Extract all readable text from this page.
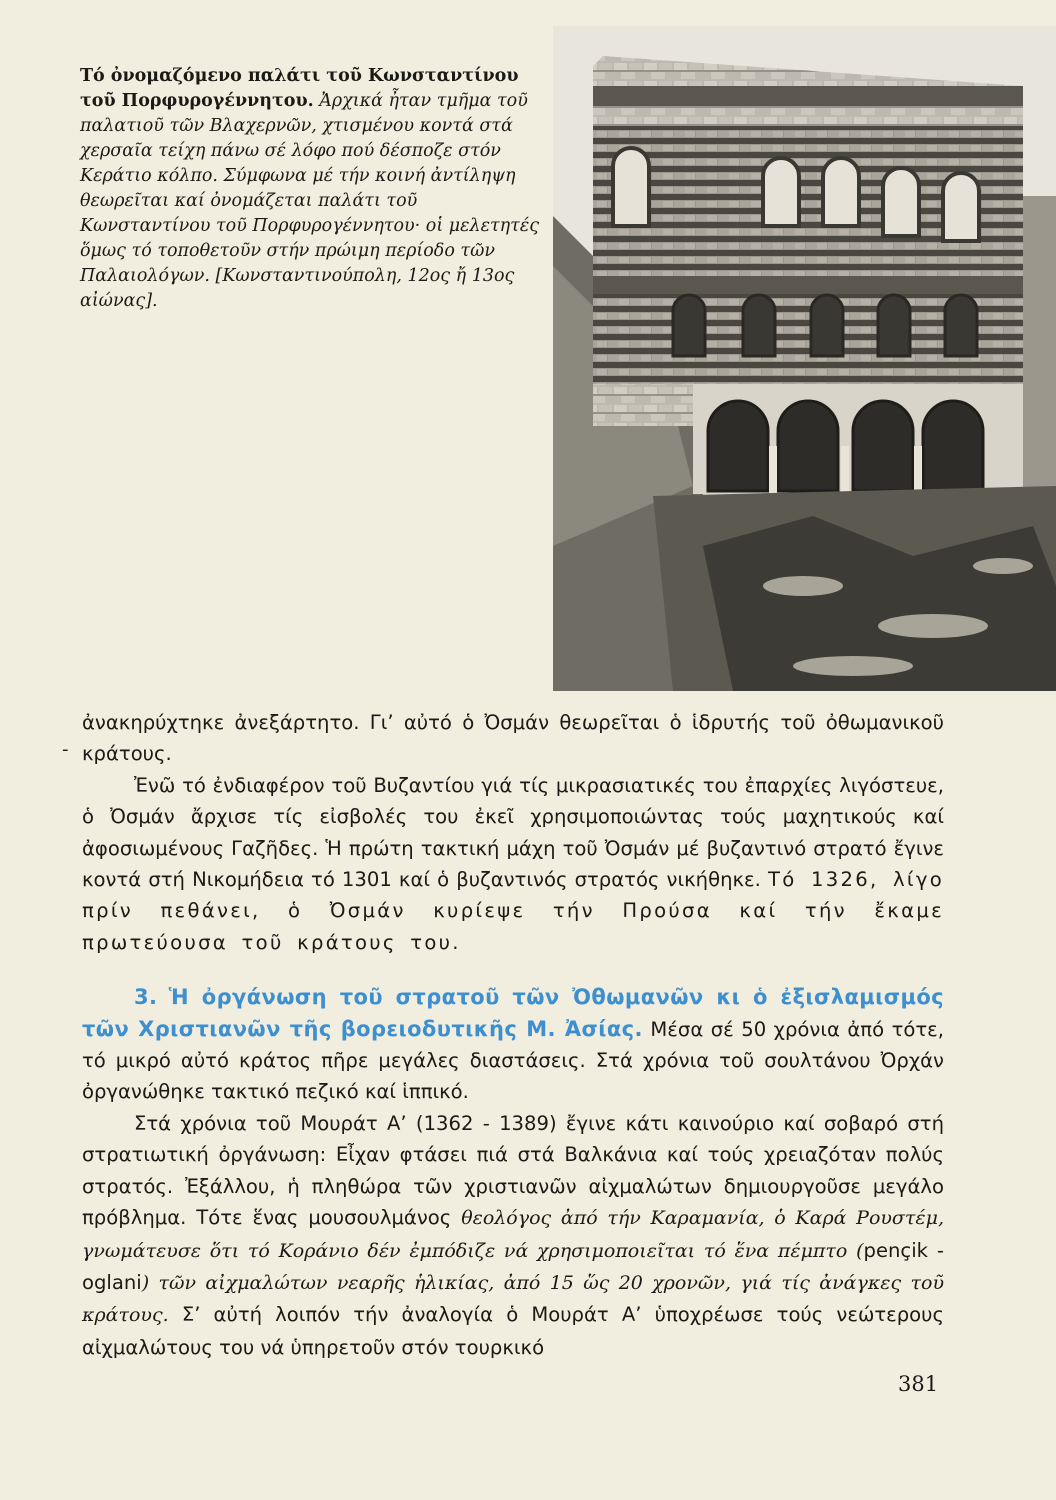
Τό ὀνομαζόμενο παλάτι τοῦ Κωνσταντίνου τοῦ Πορφυρογέννητου. Ἀρχικά ἦταν τμῆμα τοῦ παλατιοῦ τῶν Βλαχερνῶν, χτισμένου κοντά στά χερσαῖα τείχη πάνω σέ λόφο πού δέσποζε στόν Κεράτιο κόλπο. Σύμφωνα μέ τήν κοινή ἀντίληψη θεωρεῖται καί ὀνομάζεται παλάτι τοῦ Κωνσταντίνου τοῦ Πορφυρογέννητου· οἱ μελετητές ὅμως τό τοποθετοῦν στήν πρώιμη περίοδο τῶν Παλαιολόγων. [Κωνσταντινούπολη, 12ος ἤ 13ος αἰώνας].

-

ἀνακηρύχτηκε ἀνεξάρτητο. Γι’ αὐτό ὁ Ὀσμάν θεωρεῖται ὁ ἱδρυτής τοῦ ὀθωμανικοῦ κράτους.

Ἐνῶ τό ἐνδιαφέρον τοῦ Βυζαντίου γιά τίς μικρασιατικές του ἐπαρχίες λιγόστευε, ὁ Ὀσμάν ἄρχισε τίς εἰσβολές του ἐκεῖ χρησιμοποιώντας τούς μαχητικούς καί ἀφοσιωμένους Γαζῆδες. Ἡ πρώτη τακτική μάχη τοῦ Ὀσμάν μέ βυζαντινό στρατό ἔγινε κοντά στή Νικομήδεια τό 1301 καί ὁ βυζαντινός στρατός νικήθηκε. Τό 1326, λίγο πρίν πεθάνει, ὁ Ὀσμάν κυρίεψε τήν Προύσα καί τήν ἔκαμε πρωτεύουσα τοῦ κράτους του.

3. Ἡ ὀργάνωση τοῦ στρατοῦ τῶν Ὀθωμανῶν κι ὁ ἐξισλαμισμός τῶν Χριστιανῶν τῆς βορειοδυτικῆς Μ. Ἀσίας. Μέσα σέ 50 χρόνια ἀπό τότε, τό μικρό αὐτό κράτος πῆρε μεγάλες διαστάσεις. Στά χρόνια τοῦ σουλτάνου Ὀρχάν ὀργανώθηκε τακτικό πεζικό καί ἱππικό.

Στά χρόνια τοῦ Μουράτ Α’ (1362 - 1389) ἔγινε κάτι καινούριο καί σοβαρό στή στρατιωτική ὀργάνωση: Εἶχαν φτάσει πιά στά Βαλκάνια καί τούς χρειαζόταν πολύς στρατός. Ἐξάλλου, ἡ πληθώρα τῶν χριστιανῶν αἰχμαλώτων δημιουργοῦσε μεγάλο πρόβλημα. Τότε ἕνας μουσουλμάνος θεολόγος ἀπό τήν Καραμανία, ὁ Καρά Ρουστέμ, γνωμάτευσε ὅτι τό Κοράνιο δέν ἐμπόδιζε νά χρησιμοποιεῖται τό ἕνα πέμπτο (pençik - oglani) τῶν αἰχμαλώτων νεαρῆς ἡλικίας, ἀπό 15 ὥς 20 χρονῶν, γιά τίς ἀνάγκες τοῦ κράτους. Σ’ αὐτή λοιπόν τήν ἀναλογία ὁ Μουράτ Α’ ὑποχρέωσε τούς νεώτερους αἰχμαλώτους του νά ὑπηρετοῦν στόν τουρκικό

381
